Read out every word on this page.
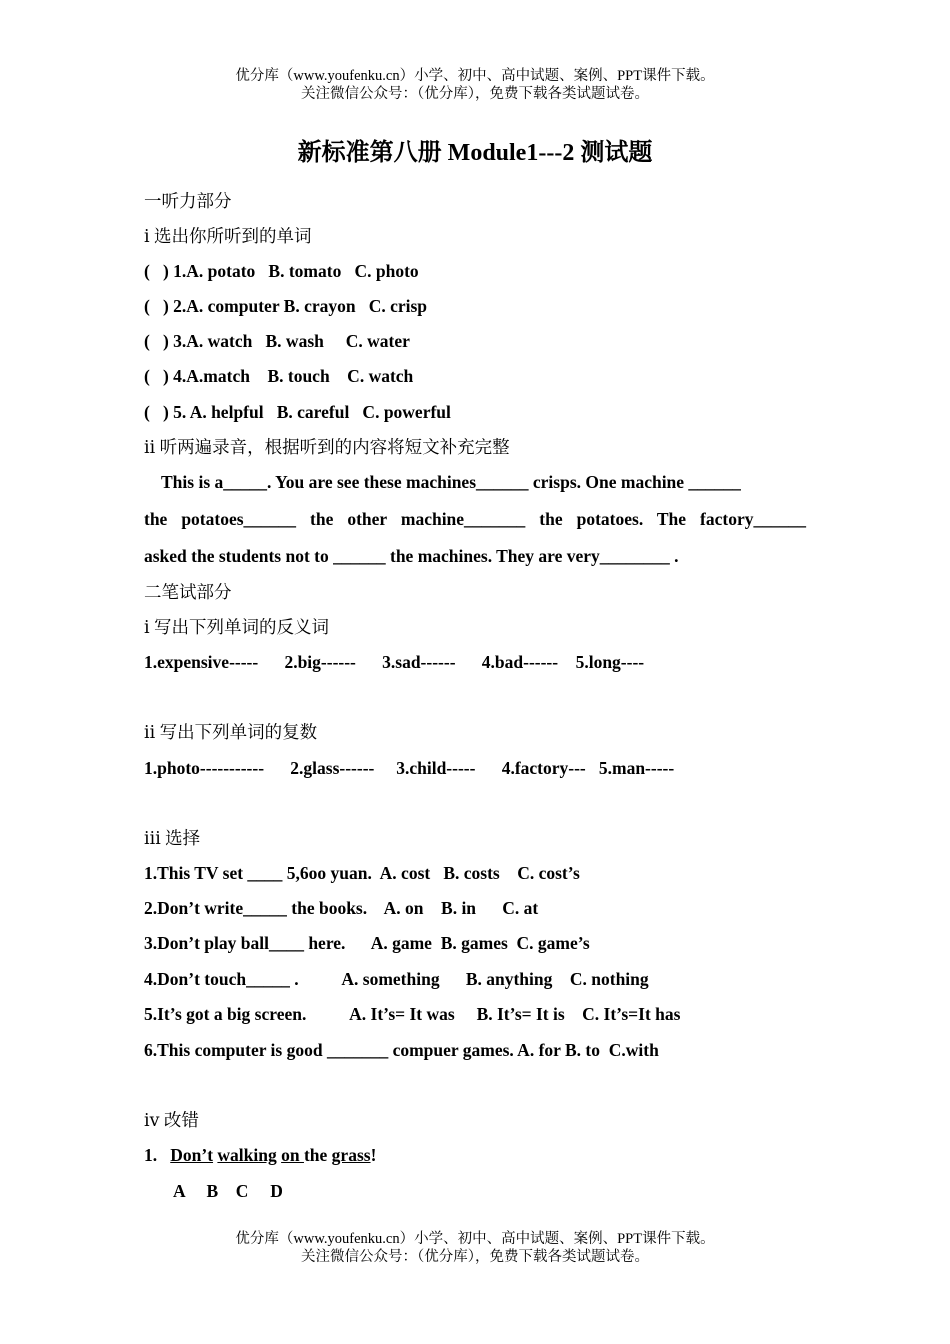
优分库（www.youfenku.cn）小学、初中、高中试题、案例、PPT课件下载。
关注微信公众号：（优分库），免费下载各类试题试卷。
新标准第八册 Module1---2 测试题
一听力部分
ⅰ 选出你所听到的单词
(   ) 1.A. potato   B. tomato   C. photo
(   ) 2.A. computer B. crayon   C. crisp
(   ) 3.A. watch   B. wash     C. water
(   ) 4.A.match    B. touch    C. watch
(   ) 5. A. helpful   B. careful   C. powerful
ⅱ 听两遍录音，根据听到的内容将短文补充完整
This is a_____. You are see these machines______ crisps. One machine ______
the potatoes______ the other machine_______ the potatoes. The factory______
asked the students not to ______ the machines. They are very________ .
二笔试部分
ⅰ 写出下列单词的反义词
1.expensive-----      2.big------      3.sad------      4.bad------    5.long----
ⅱ 写出下列单词的复数
1.photo-----------      2.glass------     3.child-----      4.factory---   5.man-----
ⅲ 选择
1.This TV set ____ 5,6oo yuan.  A. cost   B. costs    C. cost’s
2.Don’t write_____ the books.    A. on    B. in      C. at
3.Don’t play ball____ here.      A. game  B. games  C. game’s
4.Don’t touch_____ .          A. something      B. anything    C. nothing
5.It’s got a big screen.          A. It’s= It was     B. It’s= It is    C. It’s=It has
6.This computer is good _______ compuer games. A. for B. to  C.with
ⅳ 改错
1. Don’t walking on the grass!
A     B    C     D
优分库（www.youfenku.cn）小学、初中、高中试题、案例、PPT课件下载。
关注微信公众号：（优分库），免费下载各类试题试卷。
